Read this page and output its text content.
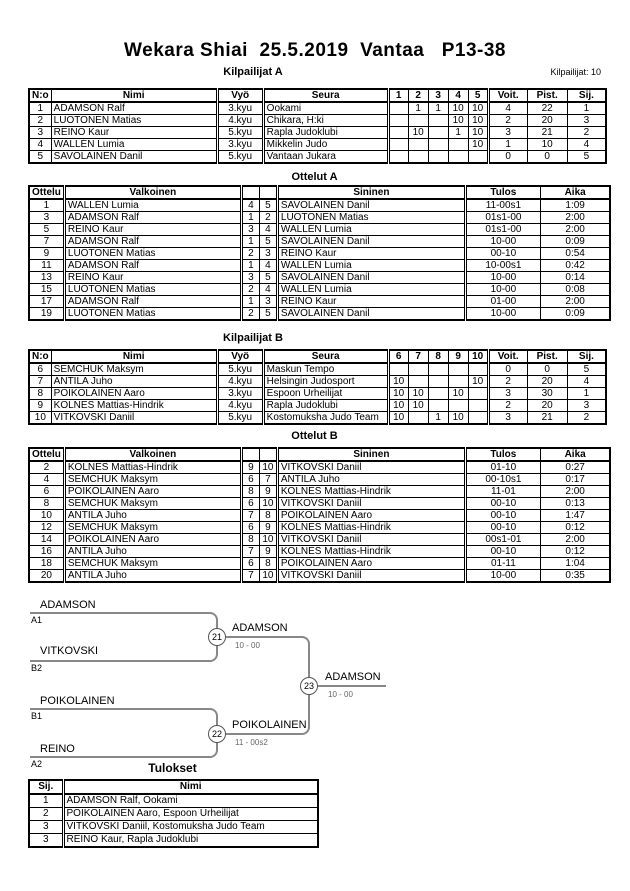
Wekara Shiai  25.5.2019  Vantaa   P13-38
Kilpailijat A	Kilpailijat: 10
N:o	Nimi	Vyö	Seura	1	2	3	4	5	Voit.	Pist.	Sij.
1	ADAMSON Ralf	3.kyu	Ookami		1	1	10	10	4	22	1
2	LUOTONEN Matias	4.kyu	Chikara, H:ki				10	10	2	20	3
3	REINO Kaur	5.kyu	Rapla Judoklubi		10		1	10	3	21	2
4	WALLÉN Lumia	3.kyu	Mikkelin Judo					10	1	10	4
5	SAVOLAINEN Danil	5.kyu	Vantaan Jukara						0	0	5
Ottelut A
Ottelu	Valkoinen			Sininen	Tulos	Aika
1	WALLÉN Lumia	4	5	SAVOLAINEN Danil	11-00s1	1:09
3	ADAMSON Ralf	1	2	LUOTONEN Matias	01s1-00	2:00
5	REINO Kaur	3	4	WALLÉN Lumia	01s1-00	2:00
7	ADAMSON Ralf	1	5	SAVOLAINEN Danil	10-00	0:09
9	LUOTONEN Matias	2	3	REINO Kaur	00-10	0:54
11	ADAMSON Ralf	1	4	WALLÉN Lumia	10-00s1	0:42
13	REINO Kaur	3	5	SAVOLAINEN Danil	10-00	0:14
15	LUOTONEN Matias	2	4	WALLÉN Lumia	10-00	0:08
17	ADAMSON Ralf	1	3	REINO Kaur	01-00	2:00
19	LUOTONEN Matias	2	5	SAVOLAINEN Danil	10-00	0:09
Kilpailijat B
N:o	Nimi	Vyö	Seura	6	7	8	9	10	Voit.	Pist.	Sij.
6	SEMCHUK Maksym	5.kyu	Maskun Tempo						0	0	5
7	ANTILA Juho	4.kyu	Helsingin Judosport	10				10	2	20	4
8	POIKOLAINEN Aaro	3.kyu	Espoon Urheilijat	10	10		10		3	30	1
9	KOLNES Mattias-Hindrik	4.kyu	Rapla Judoklubi	10	10				2	20	3
10	VITKOVSKI Daniil	5.kyu	Kostomuksha Judo Team	10		1	10		3	21	2
Ottelut B
Ottelu	Valkoinen			Sininen	Tulos	Aika
2	KOLNES Mattias-Hindrik	9	10	VITKOVSKI Daniil	01-10	0:27
4	SEMCHUK Maksym	6	7	ANTILA Juho	00-10s1	0:17
6	POIKOLAINEN Aaro	8	9	KOLNES Mattias-Hindrik	11-01	2:00
8	SEMCHUK Maksym	6	10	VITKOVSKI Daniil	00-10	0:13
10	ANTILA Juho	7	8	POIKOLAINEN Aaro	00-10	1:47
12	SEMCHUK Maksym	6	9	KOLNES Mattias-Hindrik	00-10	0:12
14	POIKOLAINEN Aaro	8	10	VITKOVSKI Daniil	00s1-01	2:00
16	ANTILA Juho	7	9	KOLNES Mattias-Hindrik	00-10	0:12
18	SEMCHUK Maksym	6	8	POIKOLAINEN Aaro	01-11	1:04
20	ANTILA Juho	7	10	VITKOVSKI Daniil	10-00	0:35
ADAMSON
A1
VITKOVSKI
B2
POIKOLAINEN
B1
REINO
A2
ADAMSON
10 - 00
POIKOLAINEN
11 - 00s2
ADAMSON
10 - 00
21
22
23
Tulokset
Sij.	Nimi
1	ADAMSON Ralf, Ookami
2	POIKOLAINEN Aaro, Espoon Urheilijat
3	VITKOVSKI Daniil, Kostomuksha Judo Team
3	REINO Kaur, Rapla Judoklubi
